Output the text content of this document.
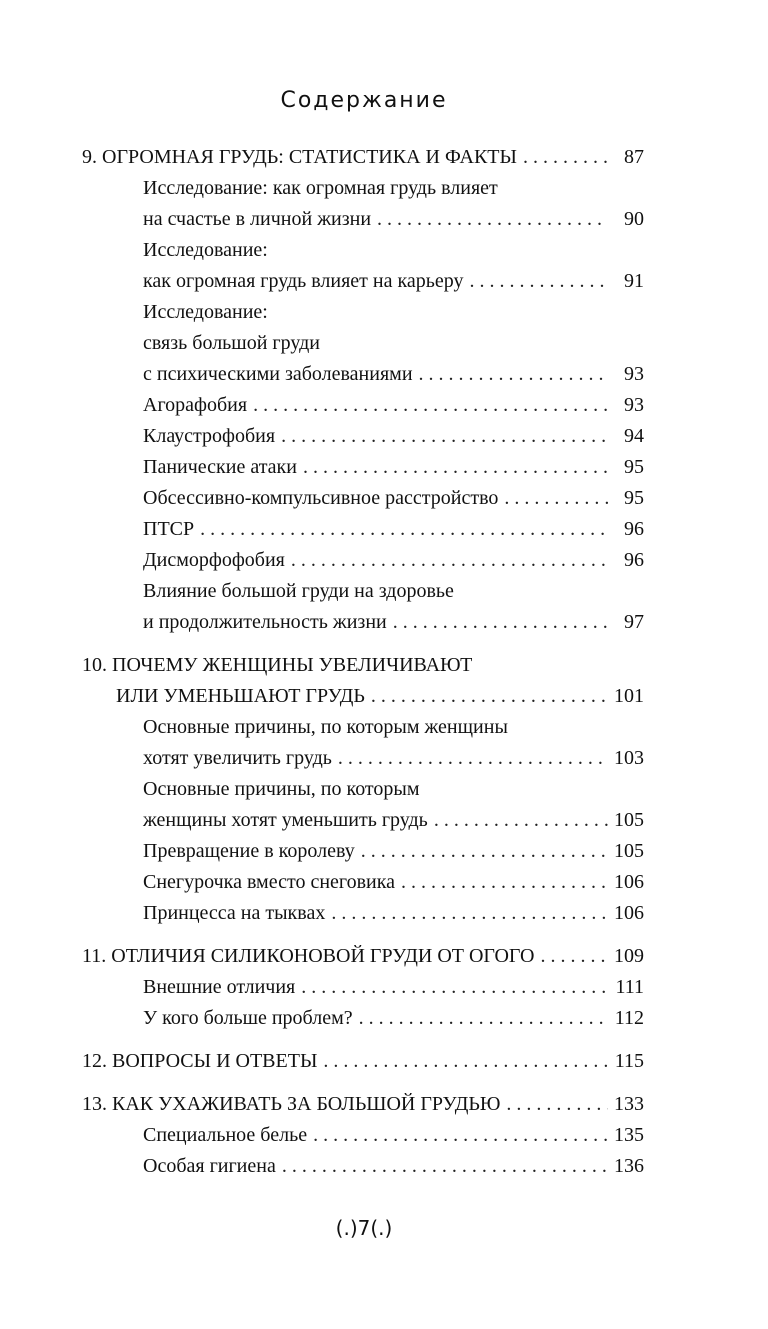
Содержание
9. ОГРОМНАЯ ГРУДЬ: СТАТИСТИКА И ФАКТЫ . . .	87
Исследование: как огромная грудь влияет
на счастье в личной жизни . . .	90
Исследование:
как огромная грудь влияет на карьеру . . .	91
Исследование:
связь большой груди
с психическими заболеваниями . . .	93
Агорафобия . . .	93
Клаустрофобия . . .	94
Панические атаки . . .	95
Обсессивно-компульсивное расстройство . . .	95
ПТСР . . .	96
Дисморфофобия . . .	96
Влияние большой груди на здоровье
и продолжительность жизни . . .	97
10. ПОЧЕМУ ЖЕНЩИНЫ УВЕЛИЧИВАЮТ
ИЛИ УМЕНЬШАЮТ ГРУДЬ . . .	101
Основные причины, по которым женщины
хотят увеличить грудь . . .	103
Основные причины, по которым
женщины хотят уменьшить грудь . . .	105
Превращение в королеву . . .	105
Снегурочка вместо снеговика . . .	106
Принцесса на тыквах . . .	106
11. ОТЛИЧИЯ СИЛИКОНОВОЙ ГРУДИ ОТ ОГОГО . . .	109
Внешние отличия . . .	111
У кого больше проблем? . . .	112
12. ВОПРОСЫ И ОТВЕТЫ . . .	115
13. КАК УХАЖИВАТЬ ЗА БОЛЬШОЙ ГРУДЬЮ . . .	133
Специальное белье . . .	135
Особая гигиена . . .	136
(.)7(.)
